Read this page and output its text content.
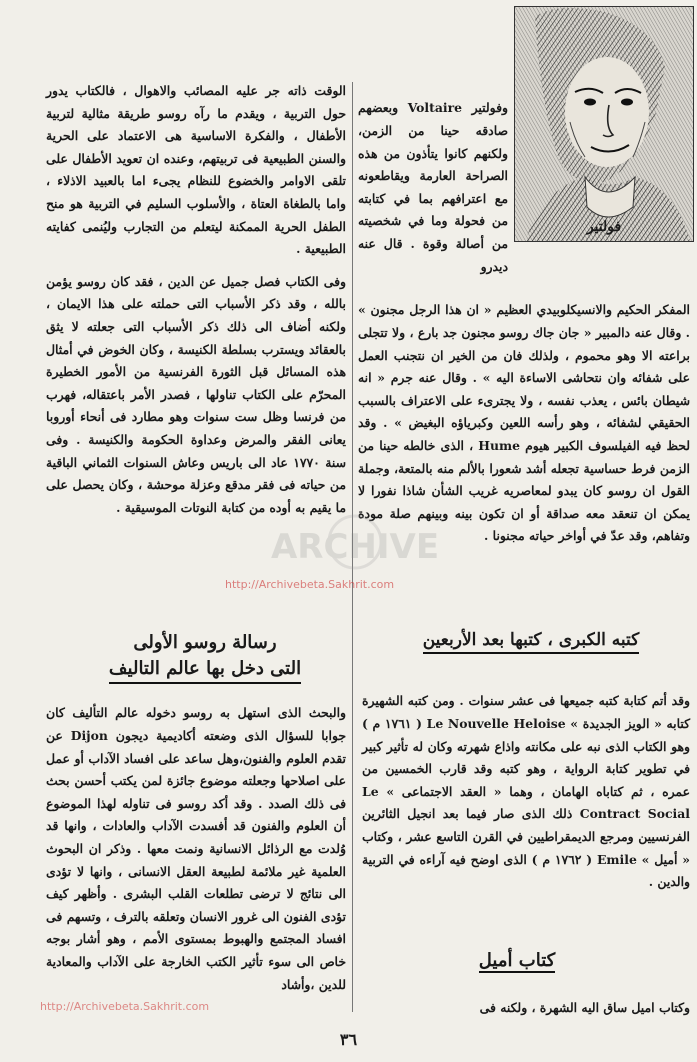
فولتير

وفولتير Voltaire وبعضهم صادقه حينا من الزمن، ولكنهم كانوا يتأذون من هذه الصراحة العارمة ويقاطعونه مع اعترافهم بما في كتابته من فحولة وما في شخصيته من أصالة وقوة . قال عنه ديدرو

المفكر الحكيم والانسيكلوبيدي العظيم « ان هذا الرجل مجنون » . وقال عنه دالمبير « جان جاك روسو مجنون جد بارع ، ولا تتجلى براعته الا وهو محموم ، ولذلك فان من الخير ان نتجنب العمل على شفائه وان نتحاشى الاساءة اليه » . وقال عنه جرم « انه شيطان بائس ، يعذب نفسه ، ولا يجترىء على الاعتراف بالسبب الحقيقي لشفائه ، وهو رأسه اللعين وكبرياؤه البغيض » . وقد لحظ فيه الفيلسوف الكبير هيوم Hume ، الذى خالطه حينا من الزمن فرط حساسية تجعله أشد شعورا بالألم منه بالمتعة، وجملة القول ان روسو كان يبدو لمعاصريه غريب الشأن شاذا نفورا لا يمكن ان تنعقد معه صداقة أو ان تكون بينه وبينهم صلة مودة وتفاهم، وقد عدّ في أواخر حياته مجنونا .

كتبه الكبرى ، كتبها بعد الأربعين

وقد أتم كتابة كتبه جميعها فى عشر سنوات . ومن كتبه الشهيرة كتابه « الويز الجديدة » Le Nouvelle Heloise ( ١٧٦١ م ) وهو الكتاب الذى نبه على مكانته واذاع شهرته وكان له تأثير كبير في تطوير كتابة الرواية ، وهو كتبه وقد قارب الخمسين من عمره ، ثم كتاباه الهامان ، وهما « العقد الاجتماعى » Le Contract Social ذلك الذى صار فيما بعد انجيل الثائرين الفرنسيين ومرجع الديمقراطيين في القرن التاسع عشر ، وكتاب « أميل » Emile ( ١٧٦٢ م ) الذى اوضح فيه آراءه في التربية والدين .

كتاب أميل

وكتاب اميل ساق اليه الشهرة ، ولكنه فى

الوقت ذاته جر عليه المصائب والاهوال ، فالكتاب يدور حول التربية ، ويقدم ما رآه روسو طريقة مثالية لتربية الأطفال ، والفكرة الاساسية هى الاعتماد على الحرية والسنن الطبيعية فى تربيتهم، وعنده ان تعويد الأطفال على تلقى الاوامر والخضوع للنظام يجىء اما بالعبيد الاذلاء ، واما بالطغاة العتاة ، والأسلوب السليم في التربية هو منح الطفل الحرية الممكنة ليتعلم من التجارب وليُنمى كفايته الطبيعية .

وفى الكتاب فصل جميل عن الدين ، فقد كان روسو يؤمن بالله ، وقد ذكر الأسباب التى حملته على هذا الايمان ، ولكنه أضاف الى ذلك ذكر الأسباب التى جعلته لا يثق بالعقائد ويسترب بسلطة الكنيسة ، وكان الخوض في أمثال هذه المسائل قبل الثورة الفرنسية من الأمور الخطيرة المحرّم على الكتاب تناولها ، فصدر الأمر باعتقاله، فهرب من فرنسا وظل ست سنوات وهو مطارد فى أنحاء أوروبا يعانى الفقر والمرض وعداوة الحكومة والكنيسة . وفى سنة ١٧٧٠ عاد الى باريس وعاش السنوات الثماني الباقية من حياته فى فقر مدقع وعزلة موحشة ، وكان يحصل على ما يقيم به أوده من كتابة النوتات الموسيقية .

رسالة روسو الأولى
التى دخل بها عالم التاليف

والبحث الذى استهل به روسو دخوله عالم التأليف كان جوابا للسؤال الذى وضعته أكاديمية ديجون Dijon عن تقدم العلوم والفنون،وهل ساعد على افساد الآداب أو عمل على اصلاحها وجعلته موضوع جائزة لمن يكتب أحسن بحث فى ذلك الصدد . وقد أكد روسو فى تناوله لهذا الموضوع أن العلوم والفنون قد أفسدت الآداب والعادات ، وانها قد وُلدت مع الرذائل الانسانية ونمت معها . وذكر ان البحوث العلمية غير ملائمة لطبيعة العقل الانسانى ، وانها لا تؤدى الى نتائج لا ترضى تطلعات القلب البشرى . وأظهر كيف تؤدى الفنون الى غرور الانسان وتعلقه بالترف ، وتسهم فى افساد المجتمع والهبوط بمستوى الأمم ، وهو أشار بوجه خاص الى سوء تأثير الكتب الخارجة على الآداب والمعادية للدين ،وأشاد

ARCHIVE
http://Archivebeta.Sakhrit.com
http://Archivebeta.Sakhrit.com
٣٦
